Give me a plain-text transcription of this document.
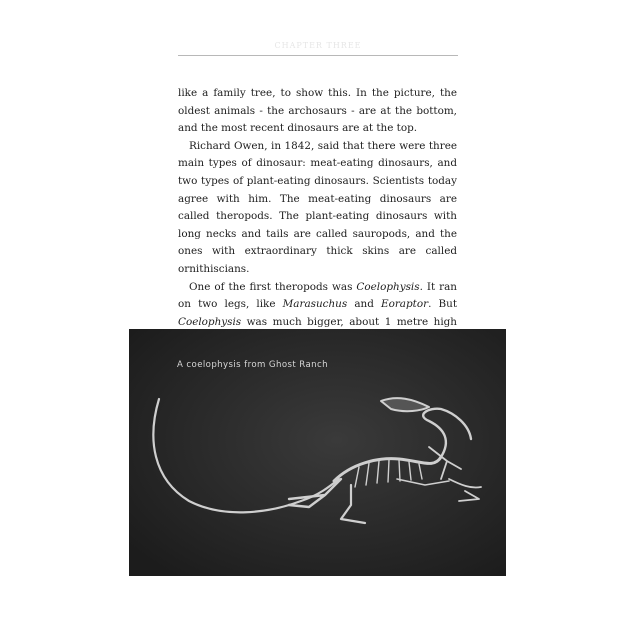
CHAPTER THREE

like a family tree, to show this. In the picture, the oldest animals - the archosaurs - are at the bottom, and the most recent dinosaurs are at the top.

Richard Owen, in 1842, said that there were three main types of dinosaur: meat-eating dinosaurs, and two types of plant-eating dinosaurs. Scientists today agree with him. The meat-eating dinosaurs are called theropods. The plant-eating dinosaurs with long necks and tails are called sauropods, and the ones with extraordinary thick skins are called ornithiscians.

One of the first theropods was Coelophysis. It ran on two legs, like Marasuchus and Eoraptor. But Coelophysis was much bigger, about 1 metre high

A coelophysis from Ghost Ranch
